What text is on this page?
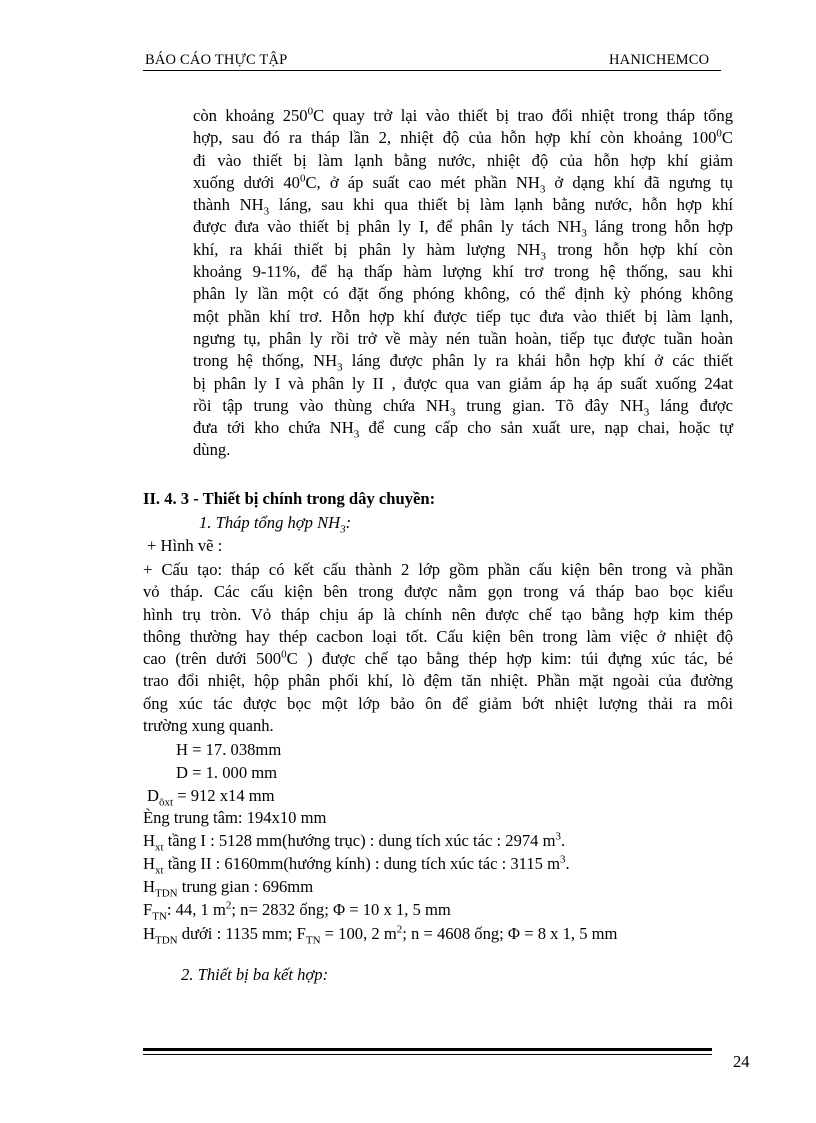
BÁO CÁO THỰC TẬP	HANICHEMCO
còn khoảng $250^0C$ quay trở lại vào thiết bị trao đổi nhiệt trong tháp tổng
hợp, sau đó ra tháp lần 2, nhiệt độ của hỗn hợp khí còn khoảng $100^0C$
đi vào thiết bị làm lạnh bằng nước, nhiệt độ của hỗn hợp khí giảm
xuống dưới $40^0C$, ở áp suất cao mét phần $NH_3$ ở dạng khí đã ngưng tụ
thành $NH_3$ láng, sau khi qua thiết bị làm lạnh bằng nước, hỗn hợp khí
được đưa vào thiết bị phân ly I, để phân ly tách $NH_3$ láng trong hỗn hợp
khí, ra khái thiết bị phân ly hàm lượng $NH_3$ trong hỗn hợp khí còn
khoảng 9-11%, để hạ thấp hàm lượng khí trơ trong hệ thống, sau khi
phân ly lần một có đặt ống phóng không, có thể định kỳ phóng không
một phần khí trơ. Hỗn hợp khí được tiếp tục đưa vào thiết bị làm lạnh,
ngưng tụ, phân ly rồi trở về mày nén tuần hoàn, tiếp tục được tuần hoàn
trong hệ thống, $NH_3$ láng được phân ly ra khái hỗn hợp khí ở các thiết
bị phân ly I và phân ly II , được qua van giảm áp hạ áp suất xuống 24at
rồi tập trung vào thùng chứa $NH_3$ trung gian. Tõ đây $NH_3$ láng được
đưa tới kho chứa $NH_3$ để cung cấp cho sản xuất ure, nạp chai, hoặc tự
dùng.
II. 4. 3 - Thiết bị chính trong dây chuyền:
1. Tháp tổng hợp $NH_3$:
+ Hình vẽ :
+ Cấu tạo: tháp có kết cấu thành 2 lớp gồm phần cấu kiện bên trong và phần
vỏ tháp. Các cấu kiện bên trong được nằm gọn trong vá tháp bao bọc kiểu
hình trụ tròn. Vỏ tháp chịu áp là chính nên được chế tạo bằng hợp kim thép
thông thường hay thép cacbon loại tốt. Cấu kiện bên trong làm việc ở nhiệt độ
cao (trên dưới $500^0C$ ) được chế tạo bằng thép hợp kim: túi đựng xúc tác, bé
trao đổi nhiệt, hộp phân phối khí, lò đệm tăn nhiệt. Phần mặt ngoài của đường
ống xúc tác được bọc một lớp bảo ôn để giảm bớt nhiệt lượng thải ra môi
trường xung quanh.
H = 17. 038mm
D = 1. 000 mm
$D_{ôxt} = 912$ x14 mm
Èng trung tâm: 194x10 mm
$H_{xt}$ tầng I : 5128 mm(hướng trục) : dung tích xúc tác : 2974 $m^3$.
$H_{xt}$ tầng II : 6160mm(hướng kính) : dung tích xúc tác : 3115 $m^3$.
$H_{TDN}$ trung gian : 696mm
$F_{TN}$: 44, 1 $m^2$; n= 2832 ống; Φ = 10 x 1, 5 mm
$H_{TDN}$ dưới : 1135 mm; $F_{TN} = 100$, 2 $m^2$; n = 4608 ống; Φ = 8 x 1, 5 mm
2. Thiết bị ba kết hợp:
24
